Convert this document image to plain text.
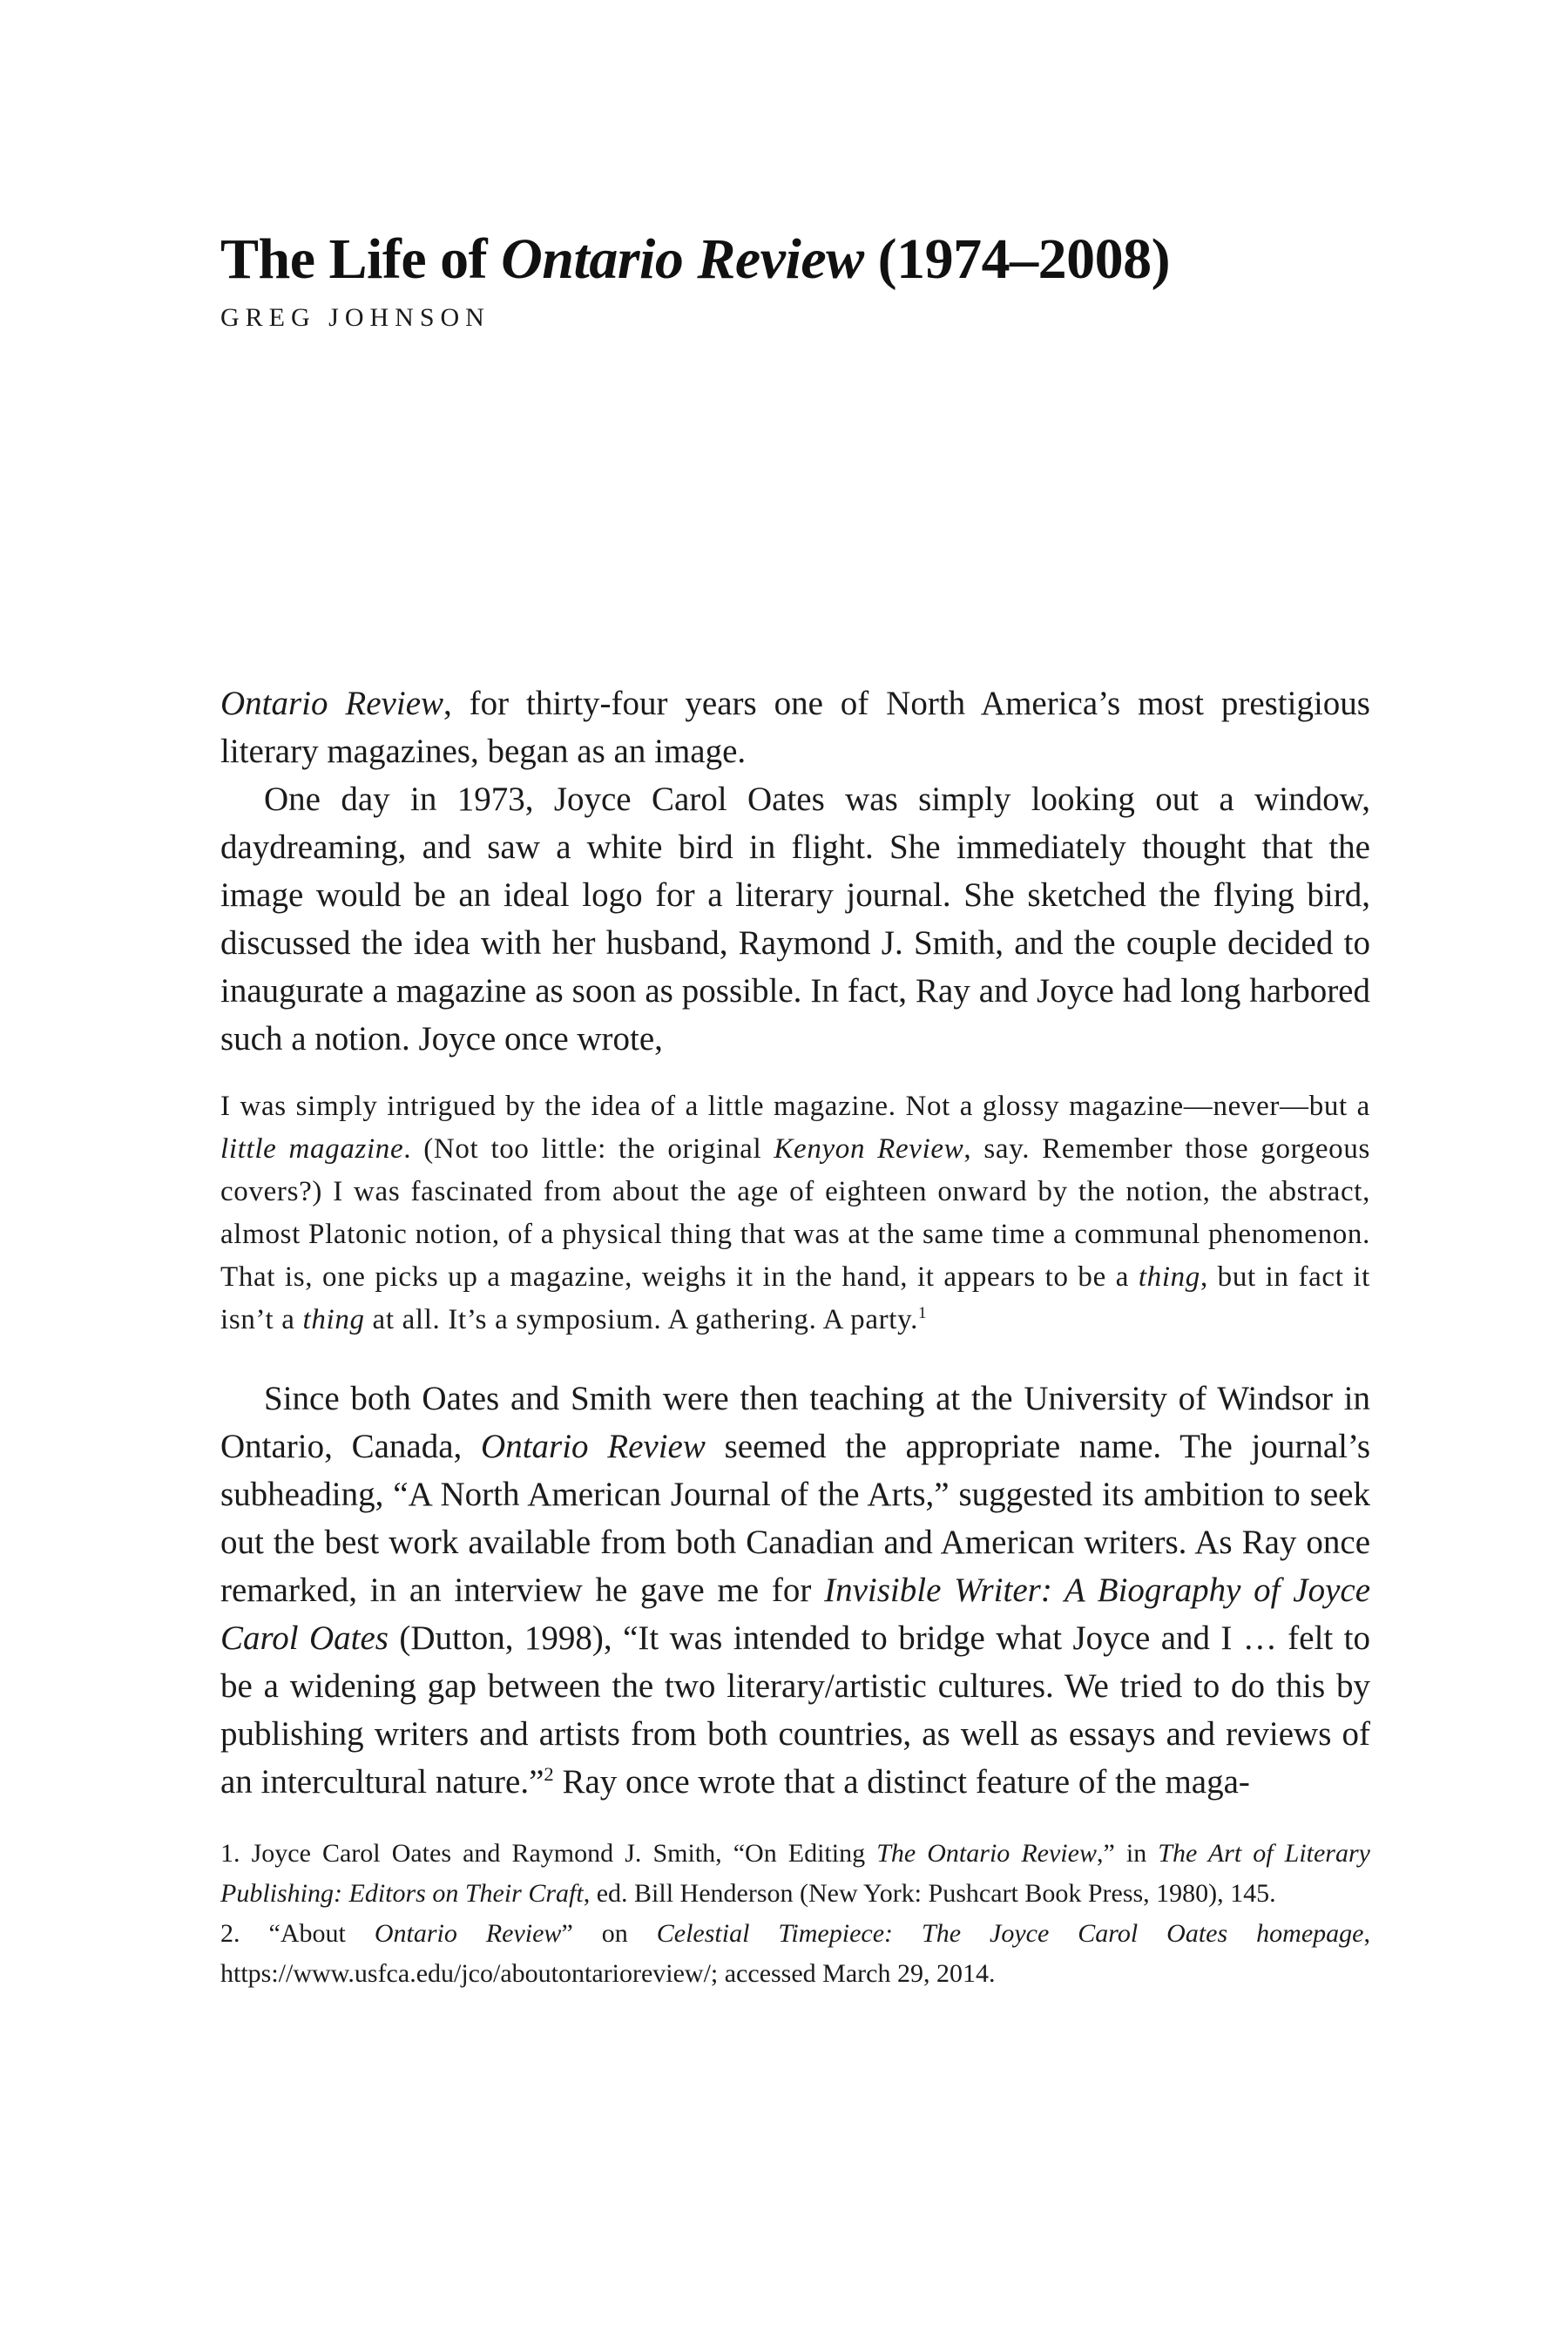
The Life of Ontario Review (1974–2008)
GREG JOHNSON

Ontario Review, for thirty-four years one of North America’s most prestigious literary magazines, began as an image.

One day in 1973, Joyce Carol Oates was simply looking out a window, daydreaming, and saw a white bird in flight. She immediately thought that the image would be an ideal logo for a literary journal. She sketched the flying bird, discussed the idea with her husband, Raymond J. Smith, and the couple decided to inaugurate a magazine as soon as possible. In fact, Ray and Joyce had long harbored such a notion. Joyce once wrote,

I was simply intrigued by the idea of a little magazine. Not a glossy magazine—never—but a little magazine. (Not too little: the original Kenyon Review, say. Remember those gorgeous covers?) I was fascinated from about the age of eighteen onward by the notion, the abstract, almost Platonic notion, of a physical thing that was at the same time a communal phenomenon. That is, one picks up a magazine, weighs it in the hand, it appears to be a thing, but in fact it isn’t a thing at all. It’s a symposium. A gathering. A party.$^1$

Since both Oates and Smith were then teaching at the University of Windsor in Ontario, Canada, Ontario Review seemed the appropriate name. The journal’s subheading, “A North American Journal of the Arts,” suggested its ambition to seek out the best work available from both Canadian and American writers. As Ray once remarked, in an interview he gave me for Invisible Writer: A Biography of Joyce Carol Oates (Dutton, 1998), “It was intended to bridge what Joyce and I … felt to be a widening gap between the two literary/artistic cultures. We tried to do this by publishing writers and artists from both countries, as well as essays and reviews of an intercultural nature.”$^2$ Ray once wrote that a distinct feature of the maga-

1. Joyce Carol Oates and Raymond J. Smith, “On Editing The Ontario Review,” in The Art of Literary Publishing: Editors on Their Craft, ed. Bill Henderson (New York: Pushcart Book Press, 1980), 145.

2. “About Ontario Review” on Celestial Timepiece: The Joyce Carol Oates homepage, https://www.usfca.edu/jco/aboutontarioreview/; accessed March 29, 2014.
